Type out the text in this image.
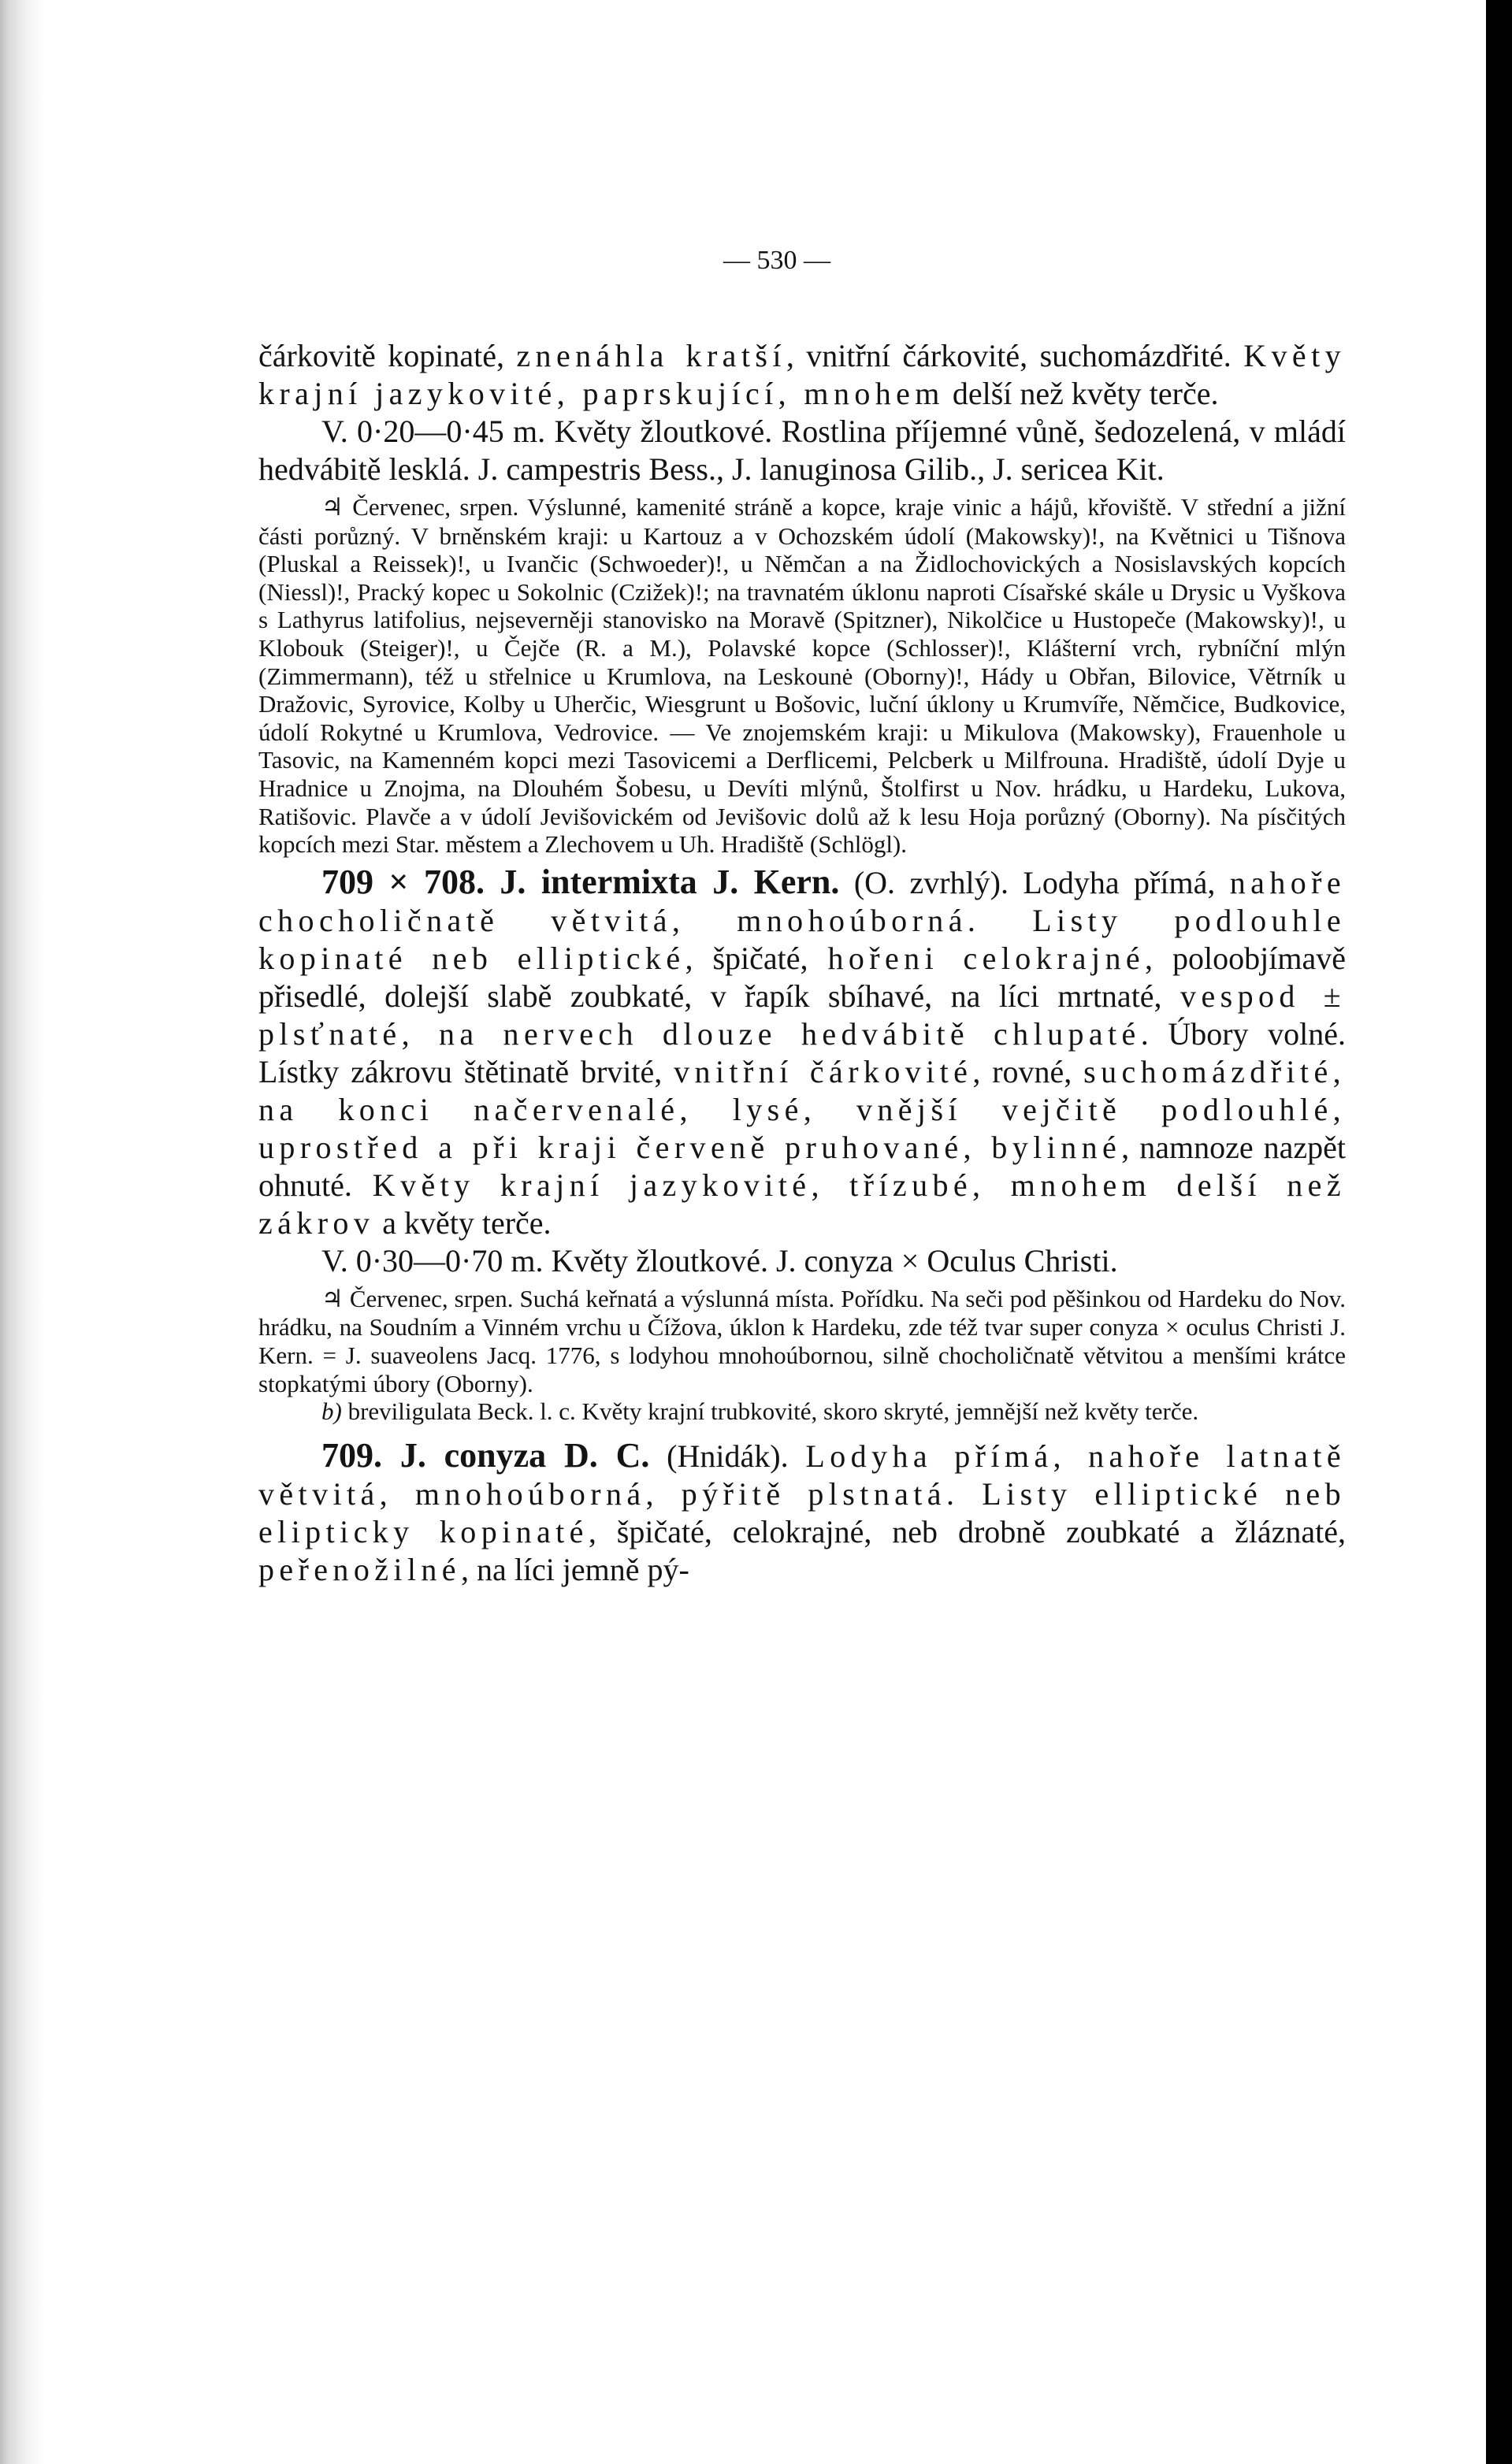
— 530 —

čárkovitě kopinaté, znenáhla kratší, vnitřní čárkovité, suchomázdřité. Květy krajní jazykovité, paprskující, mnohem delší než květy terče.

V. 0·20—0·45 m. Květy žloutkové. Rostlina příjemné vůně, šedozelená, v mládí hedvábitě lesklá. J. campestris Bess., J. lanuginosa Gilib., J. sericea Kit.

♃ Červenec, srpen. Výslunné, kamenité stráně a kopce, kraje vinic a hájů, křoviště. V střední a jižní části porůzný. V brněnském kraji: u Kartouz a v Ochozském údolí (Makowsky)!, na Květnici u Tišnova (Pluskal a Reissek)!, u Ivančic (Schwoeder)!, u Němčan a na Židlochovických a Nosislavských kopcích (Niessl)!, Pracký kopec u Sokolnic (Czižek)!; na travnatém úklonu naproti Císařské skále u Drysic u Vyškova s Lathyrus latifolius, nejseverněji stanovisko na Moravě (Spitzner), Nikolčice u Hustopeče (Makowsky)!, u Klobouk (Steiger)!, u Čejče (R. a M.), Polavské kopce (Schlosser)!, Klášterní vrch, rybníční mlýn (Zimmermann), též u střelnice u Krumlova, na Leskounė (Oborny)!, Hády u Obřan, Bilovice, Větrník u Dražovic, Syrovice, Kolby u Uherčic, Wiesgrunt u Bošovic, luční úklony u Krumvíře, Němčice, Budkovice, údolí Rokytné u Krumlova, Vedrovice. — Ve znojemském kraji: u Mikulova (Makowsky), Frauenhole u Tasovic, na Kamenném kopci mezi Tasovicemi a Derflicemi, Pelcberk u Milfrouna. Hradiště, údolí Dyje u Hradnice u Znojma, na Dlouhém Šobesu, u Devíti mlýnů, Štolfirst u Nov. hrádku, u Hardeku, Lukova, Ratišovic. Plavče a v údolí Jevišovickém od Jevišovic dolů až k lesu Hoja porůzný (Oborny). Na písčitých kopcích mezi Star. městem a Zlechovem u Uh. Hradiště (Schlögl).

709 × 708. J. intermixta J. Kern. (O. zvrhlý). Lodyha přímá, nahoře chocholičnatě větvitá, mnohoúborná. Listy podlouhle kopinaté neb elliptické, špičaté, hořeni celokrajné, poloobjímavě přisedlé, dolejší slabě zoubkaté, v řapík sbíhavé, na líci mrtnaté, vespod ± plsťnaté, na nervech dlouze hedvábitě chlupaté. Úbory volné. Lístky zákrovu štětinatě brvité, vnitřní čárkovité, rovné, suchomázdřité, na konci načervenalé, lysé, vnější vejčitě podlouhlé, uprostřed a při kraji červeně pruhované, bylinné, namnoze nazpět ohnuté. Květy krajní jazykovité, třízubé, mnohem delší než zákrov a květy terče.

V. 0·30—0·70 m. Květy žloutkové. J. conyza × Oculus Christi.

♃ Červenec, srpen. Suchá keřnatá a výslunná místa. Pořídku. Na seči pod pěšinkou od Hardeku do Nov. hrádku, na Soudním a Vinném vrchu u Čížova, úklon k Hardeku, zde též tvar super conyza × oculus Christi J. Kern. = J. suaveolens Jacq. 1776, s lodyhou mnohoúbornou, silně chocholičnatě větvitou a menšími krátce stopkatými úbory (Oborny).

b) breviligulata Beck. l. c. Květy krajní trubkovité, skoro skryté, jemnější než květy terče.

709. J. conyza D. C. (Hnidák). Lodyha přímá, nahoře latnatě větvitá, mnohoúborná, pýřitě plstnatá. Listy elliptické neb elipticky kopinaté, špičaté, celokrajné, neb drobně zoubkaté a žláznaté, peřenožilné, na líci jemně pý-
